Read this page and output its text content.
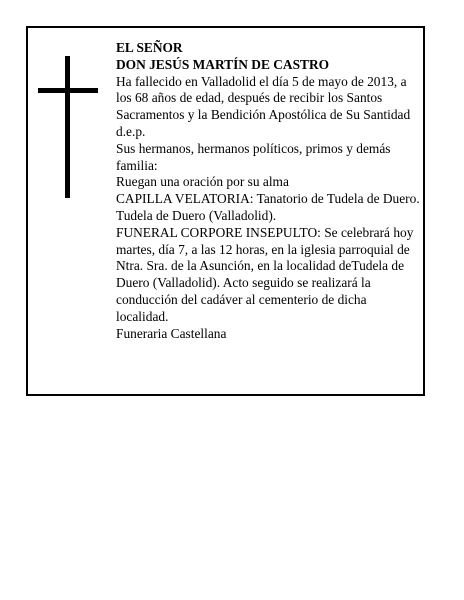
EL SEÑOR

DON JESÚS MARTÍN DE CASTRO

Ha fallecido en Valladolid el día 5 de mayo de 2013, a los 68 años de edad, después de recibir los Santos Sacramentos y la Bendición Apostólica de Su Santidad d.e.p.

Sus hermanos, hermanos políticos, primos y demás familia:

Ruegan una oración por su alma

CAPILLA VELATORIA: Tanatorio de Tudela de Duero. Tudela de Duero (Valladolid).

FUNERAL CORPORE INSEPULTO: Se celebrará hoy martes, día 7, a las 12 horas, en la iglesia parroquial de Ntra. Sra. de la Asunción, en la localidad deTudela de Duero (Valladolid). Acto seguido se realizará la conducción del cadáver al cementerio de dicha localidad.

Funeraria Castellana
